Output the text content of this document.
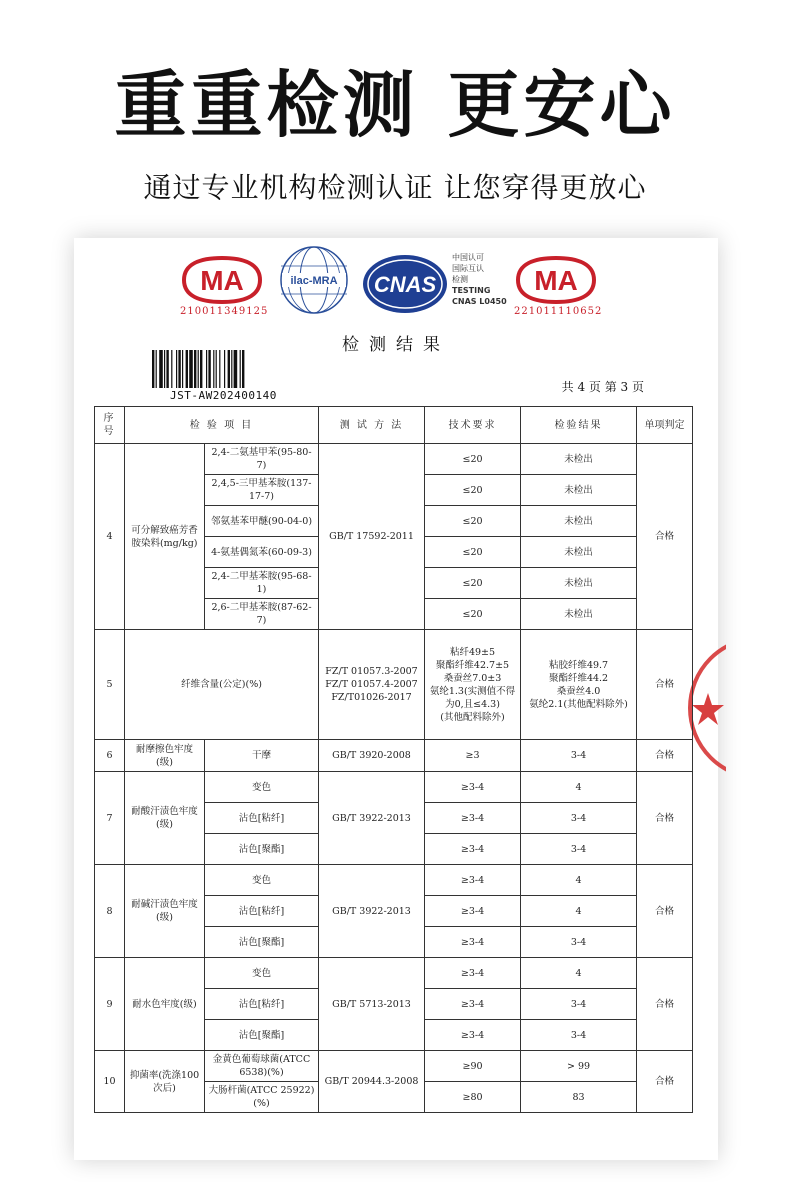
重重检测 更安心
通过专业机构检测认证 让您穿得更放心
MA
210011349125
ilac-MRA CNAS
中国认可
国际互认
检测
TESTING
CNAS L0450
MA
221011110652
检测结果
JST-AW202400140
共 4 页 第 3 页
序号	检 验 项 目		测 试 方 法	技术要求	检验结果	单项判定
4	可分解致癌芳香胺染料(mg/kg)	2,4-二氨基甲苯(95-80-7)	GB/T 17592-2011	≤20	未检出	合格
		2,4,5-三甲基苯胺(137-17-7)		≤20	未检出	
		邻氨基苯甲醚(90-04-0)		≤20	未检出	
		4-氨基偶氮苯(60-09-3)		≤20	未检出	
		2,4-二甲基苯胺(95-68-1)		≤20	未检出	
		2,6-二甲基苯胺(87-62-7)		≤20	未检出	
5	纤维含量(公定)(%)		FZ/T 01057.3-2007
FZ/T 01057.4-2007
FZ/T01026-2017	粘纤49±5
聚酯纤维42.7±5
桑蚕丝7.0±3
氨纶1.3(实测值不得为0,且≤4.3)
(其他配料除外)	粘胶纤维49.7
聚酯纤维44.2
桑蚕丝4.0
氨纶2.1(其他配料除外)	合格
6	耐摩擦色牢度(级)	干摩	GB/T 3920-2008	≥3	3-4	合格
7	耐酸汗渍色牢度(级)	变色	GB/T 3922-2013	≥3-4	4	合格
		沾色[粘纤]		≥3-4	3-4	
		沾色[聚酯]		≥3-4	3-4	
8	耐碱汗渍色牢度(级)	变色	GB/T 3922-2013	≥3-4	4	合格
		沾色[粘纤]		≥3-4	4	
		沾色[聚酯]		≥3-4	3-4	
9	耐水色牢度(级)	变色	GB/T 5713-2013	≥3-4	4	合格
		沾色[粘纤]		≥3-4	3-4	
		沾色[聚酯]		≥3-4	3-4	
10	抑菌率(洗涤100次后)	金黄色葡萄球菌(ATCC 6538)(%)	GB/T 20944.3-2008	≥90	> 99	合格
		大肠杆菌(ATCC 25922)(%)		≥80	83	
